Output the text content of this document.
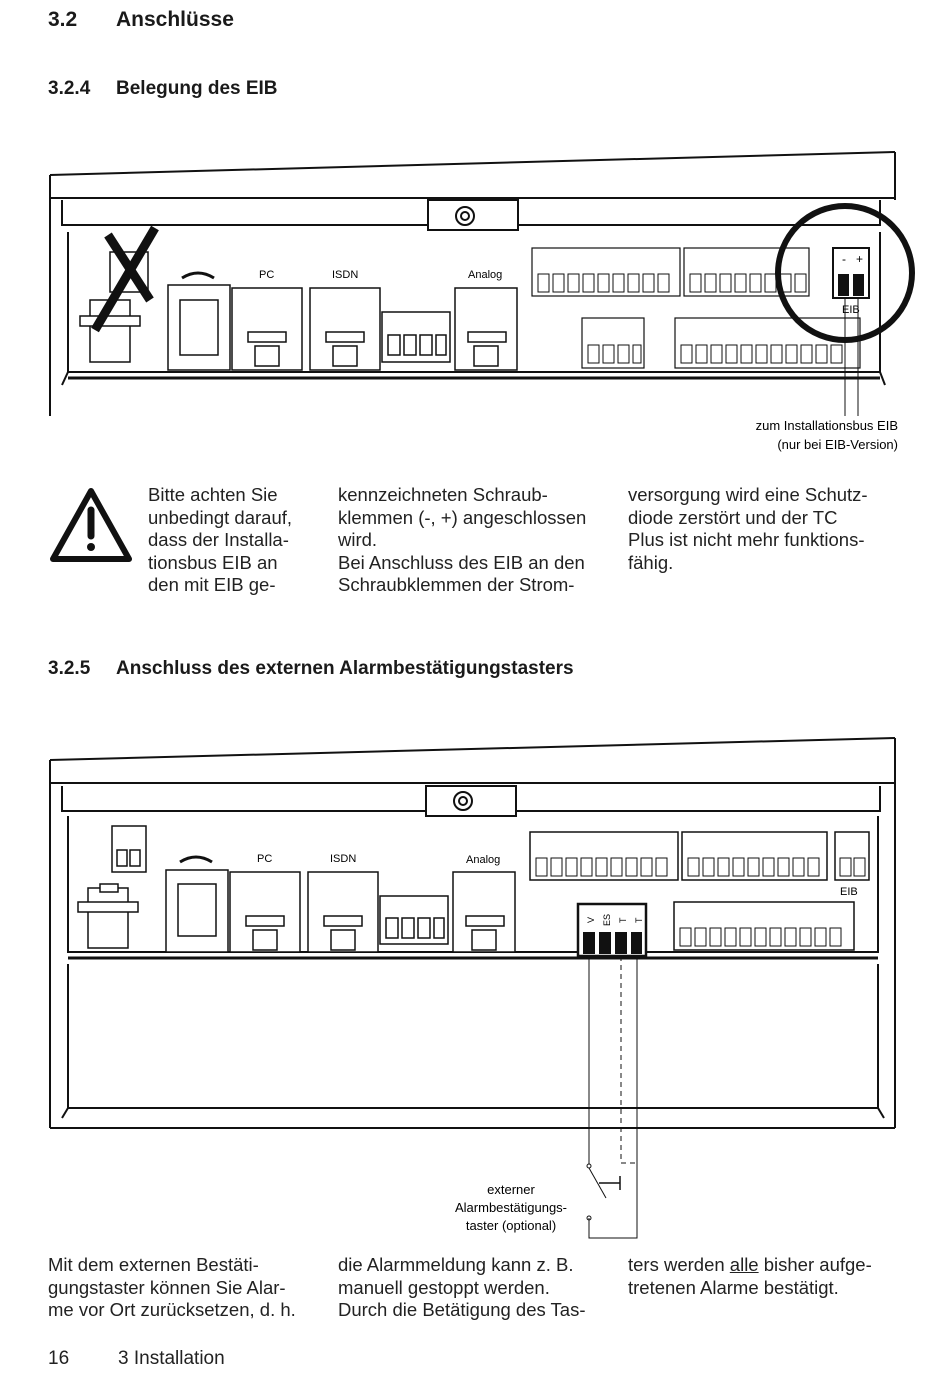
3.2 Anschlüsse
3.2.4 Belegung des EIB
PC	ISDN	Analog
- +
EIB
zum Installationsbus EIB
(nur bei EIB-Version)

Bitte achten Sie

unbedingt darauf,

dass der Installa-

tionsbus EIB an

den mit EIB ge-

kennzeichneten Schraub-

klemmen (-, +) angeschlossen

wird.

Bei Anschluss des EIB an den

Schraubklemmen der Strom-

versorgung wird eine Schutz-

diode zerstört und der TC

Plus ist nicht mehr funktions-

fähig.

3.2.5 Anschluss des externen Alarmbestätigungstasters
PC	ISDN	Analog
EIB
V ES T T
externer
Alarmbestätigungs-
taster (optional)

Mit dem externen Bestäti-

gungstaster können Sie Alar-

me vor Ort zurücksetzen, d. h.

die Alarmmeldung kann z. B.

manuell gestoppt werden.

Durch die Betätigung des Tas-

ters werden alle bisher aufge-

tretenen Alarme bestätigt.

16	3 Installation
